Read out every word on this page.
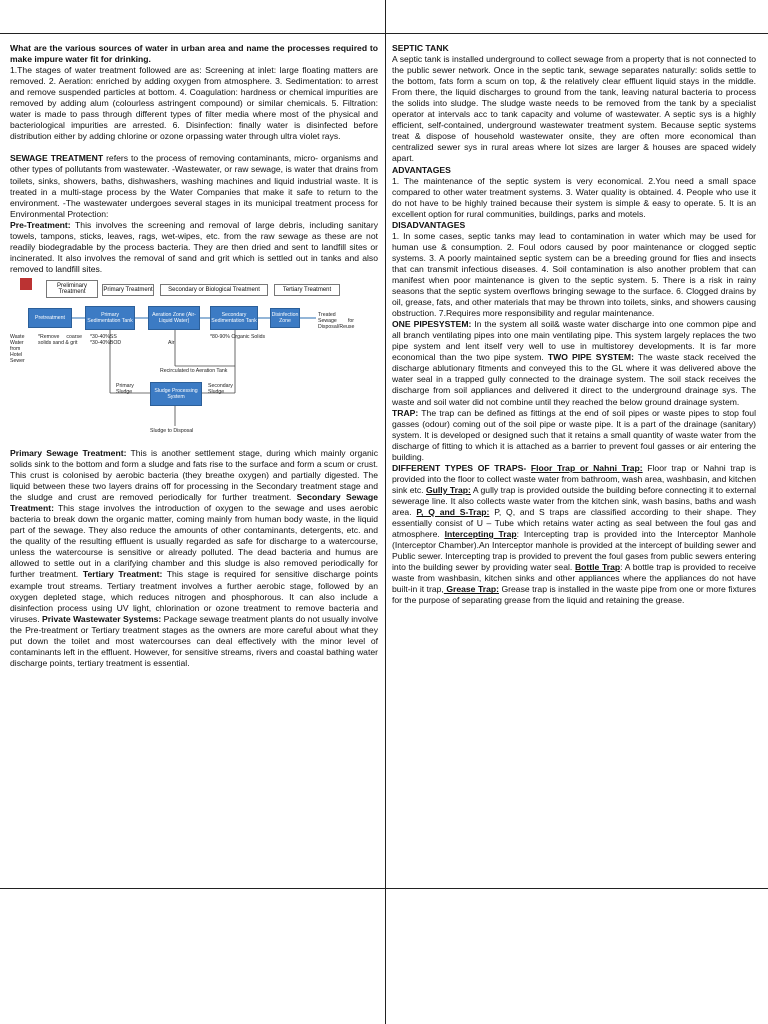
What are the various sources of water in urban area and name the processes required to make impure water fit for drinking.

1.The stages of water treatment followed are as: Screening at inlet: large floating matters are removed. 2. Aeration: enriched by adding oxygen from atmosphere. 3. Sedimentation: to arrest and remove suspended particles at bottom. 4. Coagulation: hardness or chemical impurities are removed by adding alum (colourless astringent compound) or similar chemicals. 5. Filtration: water is made to pass through different types of filter media where most of the physical and bacteriological impurities are arrested. 6. Disinfection: finally water is disinfected before distribution either by adding chlorine or ozone orpassing water through ultra violet rays.

SEWAGE TREATMENT refers to the process of removing contaminants, micro- organisms and other types of pollutants from wastewater. -Wastewater, or raw sewage, is water that drains from toilets, sinks, showers, baths, dishwashers, washing machines and liquid industrial waste. It is treated in a multi-stage process by the Water Companies that make it safe to return to the environment. -The wastewater undergoes several stages in its municipal treatment process for Environmental Protection:

Pre-Treatment: This involves the screening and removal of large debris, including sanitary towels, tampons, sticks, leaves, rags, wet-wipes, etc. from the raw sewage as these are not readily biodegradable by the process bacteria. They are then dried and sent to landfill sites or incinerated. It also involves the removal of sand and grit which is settled out in tanks and also removed to landfill sites.

Preliminary Treatment	Primary Treatment	Secondary or Biological Treatment	Tertiary Treatment
Pretreatment	Primary Sedimentation Tank
Aeration Zone (Air-Liquid Water)
Secondary Sedimentation Tank
Disinfection Zone
Treated Sewage for Disposal/Reuse
Waste Water from Hotel Sewer
*Remove coarse solids sand & grit
*30-40%SS *30-40%BOD	Air
*80-90% Organic Solids
Recirculated to Aeration Tank
Primary Sludge
Secondary Sludge
Sludge Processing System
Sludge to Disposal

Primary Sewage Treatment: This is another settlement stage, during which mainly organic solids sink to the bottom and form a sludge and fats rise to the surface and form a scum or crust. This crust is colonised by aerobic bacteria (they breathe oxygen) and partially digested. The liquid between these two layers drains off for processing in the Secondary treatment stage and the sludge and crust are removed periodically for further treatment. Secondary Sewage Treatment: This stage involves the introduction of oxygen to the sewage and uses aerobic bacteria to break down the organic matter, coming mainly from human body waste, in the liquid part of the sewage. They also reduce the amounts of other contaminants, detergents, etc. and the quality of the resulting effluent is usually regarded as safe for discharge to a watercourse, unless the watercourse is sensitive or already polluted. The dead bacteria and humus are allowed to settle out in a clarifying chamber and this sludge is also removed periodically for further treatment. Tertiary Treatment: This stage is required for sensitive discharge points example trout streams. Tertiary treatment involves a further aerobic stage, followed by an oxygen depleted stage, which reduces nitrogen and phosphorous. It can also include a disinfection process using UV light, chlorination or ozone treatment to remove bacteria and viruses. Private Wastewater Systems: Package sewage treatment plants do not usually involve the Pre-treatment or Tertiary treatment stages as the owners are more careful about what they put down the toilet and most watercourses can deal effectively with the minor level of contaminants left in the effluent. However, for sensitive streams, rivers and coastal bathing water discharge points, tertiary treatment is essential.

SEPTIC TANK

A septic tank is installed underground to collect sewage from a property that is not connected to the public sewer network. Once in the septic tank, sewage separates naturally: solids settle to the bottom, fats form a scum on top, & the relatively clear effluent liquid stays in the middle. From there, the liquid discharges to ground from the tank, leaving natural bacteria to process the solids into sludge. The sludge waste needs to be removed from the tank by a specialist operator at intervals acc to tank capacity and volume of wastewater. A septic sys is a highly efficient, self-contained, underground wastewater treatment system. Because septic systems treat & dispose of household wastewater onsite, they are often more economical than centralized sewer sys in rural areas where lot sizes are larger & houses are spaced widely apart.

ADVANTAGES

1. The maintenance of the septic system is very economical. 2.You need a small space compared to other water treatment systems. 3. Water quality is obtained. 4. People who use it do not have to be highly trained because their system is simple & easy to operate. 5. It is an excellent option for rural communities, buildings, parks and motels.

DISADVANTAGES

1. In some cases, septic tanks may lead to contamination in water which may be used for human use & consumption. 2. Foul odors caused by poor maintenance or clogged septic systems. 3. A poorly maintained septic system can be a breeding ground for flies and insects that can transmit infectious diseases. 4. Soil contamination is also another problem that can manifest when poor maintenance is given to the septic system. 5. There is a risk in rainy seasons that the septic system overflows bringing sewage to the surface. 6. Clogged drains by oil, grease, fats, and other materials that may be thrown into toilets, sinks, and showers causing obstruction. 7.Requires more responsibility and regular maintenance.

ONE PIPESYSTEM: In the system all soil& waste water discharge into one common pipe and all branch ventilating pipes into one main ventilating pipe. This system largely replaces the two pipe system and lent itself very well to use in multistorey developments. It is far more economical than the two pipe system. TWO PIPE SYSTEM: The waste stack received the discharge ablutionary fitments and conveyed this to the GL where it was delivered above the water seal in a trapped gully connected to the drainage system. The soil stack receives the discharge from soil appliances and delivered it direct to the underground drainage sys. The waste and soil water did not combine until they reached the below ground drainage system.

TRAP: The trap can be defined as fittings at the end of soil pipes or waste pipes to stop foul gasses (odour) coming out of the soil pipe or waste pipe. It is a part of the drainage (sanitary) system. It is developed or designed such that it retains a small quantity of waste water from the discharge of fitting to which it is attached as a barrier to prevent foul gasses or air entering the building.

DIFFERENT TYPES OF TRAPS- Floor Trap or Nahni Trap: Floor trap or Nahni trap is provided into the floor to collect waste water from bathroom, wash area, washbasin, and kitchen sink etc. Gully Trap: A gully trap is provided outside the building before connecting it to external sewerage line. It also collects waste water from the kitchen sink, wash basins, baths and wash area. P, Q and S-Trap: P, Q, and S traps are classified according to their shape. They essentially consist of U – Tube which retains water acting as seal between the foul gas and atmosphere. Intercepting Trap: Intercepting trap is provided into the Interceptor Manhole (Interceptor Chamber).An Interceptor manhole is provided at the intercept of building sewer and Public sewer. Intercepting trap is provided to prevent the foul gases from public sewers entering into the building sewer by providing water seal. Bottle Trap: A bottle trap is provided to receive waste from washbasin, kitchen sinks and other appliances where the appliances do not have built-in it trap, Grease Trap: Grease trap is installed in the waste pipe from one or more fixtures for the purpose of separating grease from the liquid and retaining the grease.
